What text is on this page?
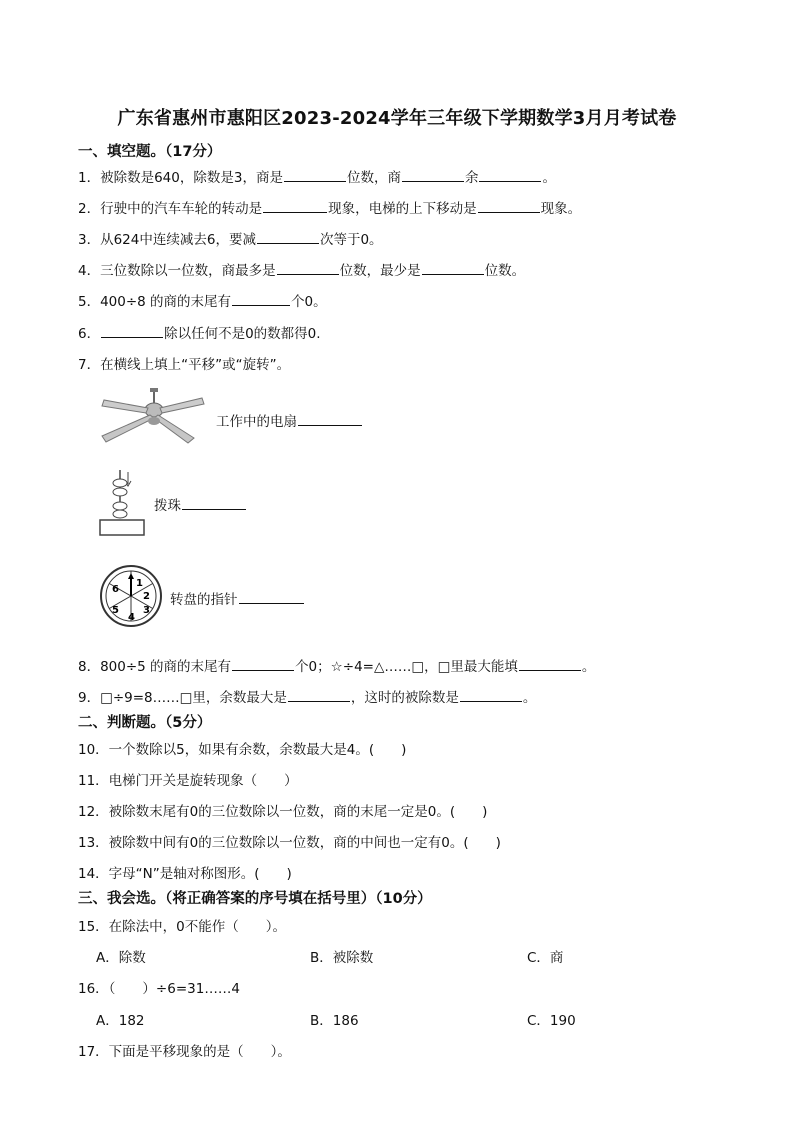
广东省惠州市惠阳区2023-2024学年三年级下学期数学3月月考试卷
一、填空题。（17分）
1．被除数是640，除数是3，商是	位数，商	余	。
2．行驶中的汽车车轮的转动是	现象，电梯的上下移动是	现象。
3．从624中连续减去6，要减	次等于0。
4．三位数除以一位数，商最多是	位数，最少是	位数。
5．400÷8 的商的末尾有	个0。
6．	除以任何不是0的数都得0.
7．在横线上填上“平移”或“旋转”。
工作中的电扇
拨珠
1
2
3
4
5
6
转盘的指针
8．800÷5 的商的末尾有	个0；☆÷4=△……□，□里最大能填	。
9．□÷9=8……□里，余数最大是	，这时的被除数是	。
二、判断题。（5分）
10．一个数除以5，如果有余数，余数最大是4。(　　)
11．电梯门开关是旋转现象（　　）
12．被除数末尾有0的三位数除以一位数，商的末尾一定是0。(　　)
13．被除数中间有0的三位数除以一位数，商的中间也一定有0。(　　)
14．字母“N”是轴对称图形。(　　)
三、我会选。（将正确答案的序号填在括号里）（10分）
15．在除法中，0不能作（　　）。
A．除数	B．被除数	C．商
16．（　　）÷6=31……4
A．182	B．186	C．190
17．下面是平移现象的是（　　）。
